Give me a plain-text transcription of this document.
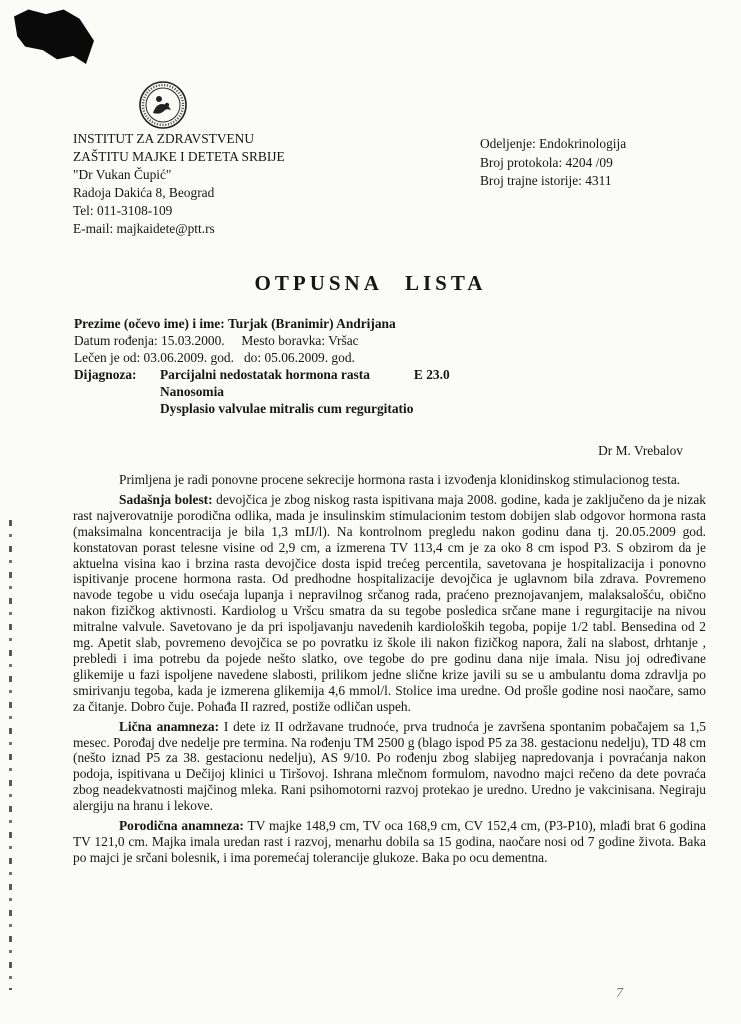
INSTITUT ZA ZDRAVSTVENU
ZAŠTITU MAJKE I DETETA SRBIJE
"Dr Vukan Čupić"
Radoja Dakića 8, Beograd
Tel: 011-3108-109
E-mail: majkaidete@ptt.rs
Odeljenje: Endokrinologija
Broj protokola: 4204 /09
Broj trajne istorije: 4311
OTPUSNA LISTA
Prezime (očevo ime) i ime: Turjak (Branimir) Andrijana
Datum rođenja: 15.03.2000. Mesto boravka: Vršac
Lečen je od: 03.06.2009. god. do: 05.06.2009. god.
Dijagnoza:	Parcijalni nedostatak hormona rasta	E 23.0
Nanosomia
Dysplasio valvulae mitralis cum regurgitatio
Dr M. Vrebalov

Primljena je radi ponovne procene sekrecije hormona rasta i izvođenja klonidinskog stimulacionog testa.

Sadašnja bolest: devojčica je zbog niskog rasta ispitivana maja 2008. godine, kada je zaključeno da je nizak rast najverovatnije porodična odlika, mada je insulinskim stimulacionim testom dobijen slab odgovor hormona rasta (maksimalna koncentracija je bila 1,3 mIJ/l). Na kontrolnom pregledu nakon godinu dana tj. 20.05.2009 god. konstatovan porast telesne visine od 2,9 cm, a izmerena TV 113,4 cm je za oko 8 cm ispod P3. S obzirom da je aktuelna visina kao i brzina rasta devojčice dosta ispid trećeg percentila, savetovana je hospitalizacija i ponovno ispitivanje procene hormona rasta. Od predhodne hospitalizacije devojčica je uglavnom bila zdrava. Povremeno navode tegobe u vidu osećaja lupanja i nepravilnog srčanog rada, praćeno preznojavanjem, malaksalošću, obično nakon fizičkog aktivnosti. Kardiolog u Vršcu smatra da su tegobe posledica srčane mane i regurgitacije na nivou mitralne valvule. Savetovano je da pri ispoljavanju navedenih kardioloških tegoba, popije 1/2 tabl. Bensedina od 2 mg. Apetit slab, povremeno devojčica se po povratku iz škole ili nakon fizičkog napora, žali na slabost, drhtanje , prebledi i ima potrebu da pojede nešto slatko, ove tegobe do pre godinu dana nije imala. Nisu joj određivane glikemije u fazi ispoljene navedene slabosti, prilikom jedne slične krize javili su se u ambulantu doma zdravlja po smirivanju tegoba, kada je izmerena glikemija 4,6 mmol/l. Stolice ima uredne. Od prošle godine nosi naočare, samo za čitanje. Dobro čuje. Pohađa II razred, postiže odličan uspeh.

Lična anamneza: I dete iz II održavane trudnoće, prva trudnoća je završena spontanim pobačajem sa 1,5 mesec. Porođaj dve nedelje pre termina. Na rođenju TM 2500 g (blago ispod P5 za 38. gestacionu nedelju), TD 48 cm (nešto iznad P5 za 38. gestacionu nedelju), AS 9/10. Po rođenju zbog slabijeg napredovanja i povraćanja nakon podoja, ispitivana u Dečijoj klinici u Tiršovoj. Ishrana mlečnom formulom, navodno majci rečeno da dete povraća zbog neadekvatnosti majčinog mleka. Rani psihomotorni razvoj protekao je uredno. Uredno je vakcinisana. Negiraju alergiju na hranu i lekove.

Porodična anamneza: TV majke 148,9 cm, TV oca 168,9 cm, CV 152,4 cm, (P3-P10), mlađi brat 6 godina TV 121,0 cm. Majka imala uredan rast i razvoj, menarhu dobila sa 15 godina, naočare nosi od 7 godine života. Baka po majci je srčani bolesnik, i ima poremećaj tolerancije glukoze. Baka po ocu dementna.

7
